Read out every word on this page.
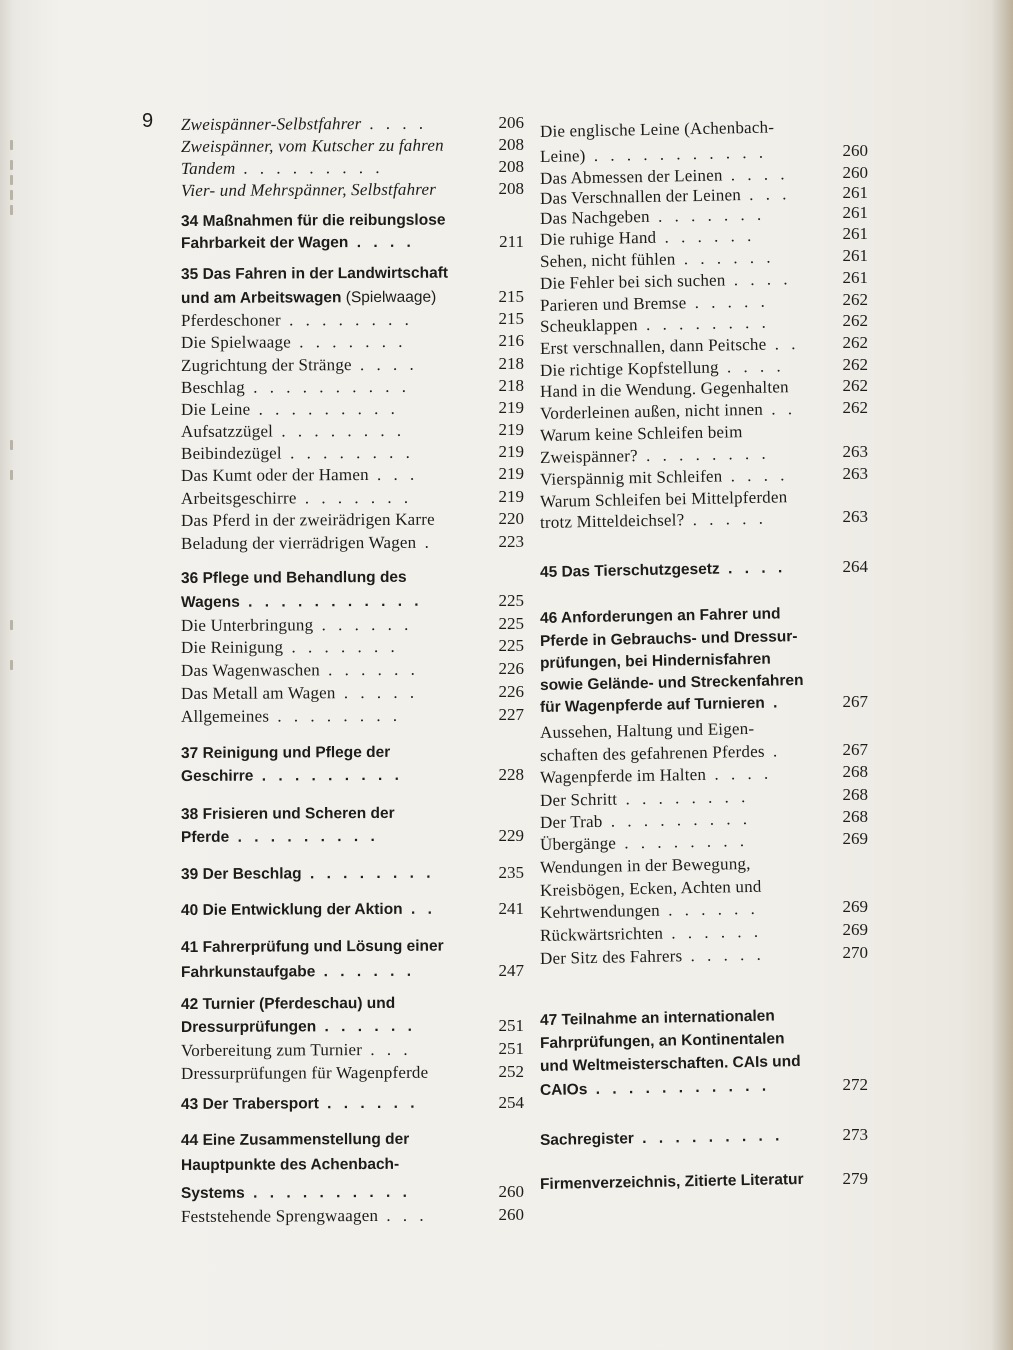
9 Zweispänner-Selbstfahrer . . . .	206
Zweispänner, vom Kutscher zu fahren	208
Tandem . . . . . . . . .	208
Vier- und Mehrspänner, Selbstfahrer	208
34 Maßnahmen für die reibungslose
Fahrbarkeit der Wagen . . . .	211
35 Das Fahren in der Landwirtschaft
und am Arbeitswagen (Spielwaage)	215
Pferdeschoner . . . . . . . .	215
Die Spielwaage . . . . . . .	216
Zugrichtung der Stränge . . . .	218
Beschlag . . . . . . . . . .	218
Die Leine . . . . . . . . .	219
Aufsatzzügel . . . . . . . .	219
Beibindezügel . . . . . . . .	219
Das Kumt oder der Hamen . . .	219
Arbeitsgeschirre . . . . . . .	219
Das Pferd in der zweirädrigen Karre	220
Beladung der vierrädrigen Wagen .	223
36 Pflege und Behandlung des
Wagens . . . . . . . . . . .	225
Die Unterbringung . . . . . .	225
Die Reinigung . . . . . . .	225
Das Wagenwaschen . . . . . .	226
Das Metall am Wagen . . . . .	226
Allgemeines . . . . . . . .	227
37 Reinigung und Pflege der
Geschirre . . . . . . . . .	228
38 Frisieren und Scheren der
Pferde . . . . . . . . .	229
39 Der Beschlag . . . . . . . .	235
40 Die Entwicklung der Aktion . .	241
41 Fahrerprüfung und Lösung einer
Fahrkunstaufgabe . . . . . .	247
42 Turnier (Pferdeschau) und
Dressurprüfungen . . . . . .	251
Vorbereitung zum Turnier . . .	251
Dressurprüfungen für Wagenpferde	252
43 Der Trabersport . . . . . .	254
44 Eine Zusammenstellung der
Hauptpunkte des Achenbach-
Systems . . . . . . . . . .	260
Feststehende Sprengwaagen . . .	260
Die englische Leine (Achenbach-
Leine) . . . . . . . . . . .	260
Das Abmessen der Leinen . . . .	260
Das Verschnallen der Leinen . . .	261
Das Nachgeben . . . . . . .	261
Die ruhige Hand . . . . . .	261
Sehen, nicht fühlen . . . . . .	261
Die Fehler bei sich suchen . . . .	261
Parieren und Bremse . . . . .	262
Scheuklappen . . . . . . . .	262
Erst verschnallen, dann Peitsche . .	262
Die richtige Kopfstellung . . . .	262
Hand in die Wendung. Gegenhalten	262
Vorderleinen außen, nicht innen . .	262
Warum keine Schleifen beim
Zweispänner? . . . . . . . .	263
Vierspännig mit Schleifen . . . .	263
Warum Schleifen bei Mittelpferden
trotz Mitteldeichsel? . . . . .	263
45 Das Tierschutzgesetz . . . .	264
46 Anforderungen an Fahrer und
Pferde in Gebrauchs- und Dressur-
prüfungen, bei Hindernisfahren
sowie Gelände- und Streckenfahren
für Wagenpferde auf Turnieren .	267
Aussehen, Haltung und Eigen-
schaften des gefahrenen Pferdes .	267
Wagenpferde im Halten . . . .	268
Der Schritt . . . . . . . .	268
Der Trab . . . . . . . . .	268
Übergänge . . . . . . . .	269
Wendungen in der Bewegung,
Kreisbögen, Ecken, Achten und
Kehrtwendungen . . . . . .	269
Rückwärtsrichten . . . . . .	269
Der Sitz des Fahrers . . . . .	270
47 Teilnahme an internationalen
Fahrprüfungen, an Kontinentalen
und Weltmeisterschaften. CAIs und
CAIOs . . . . . . . . . . .	272
Sachregister . . . . . . . . .	273
Firmenverzeichnis, Zitierte Literatur	279
